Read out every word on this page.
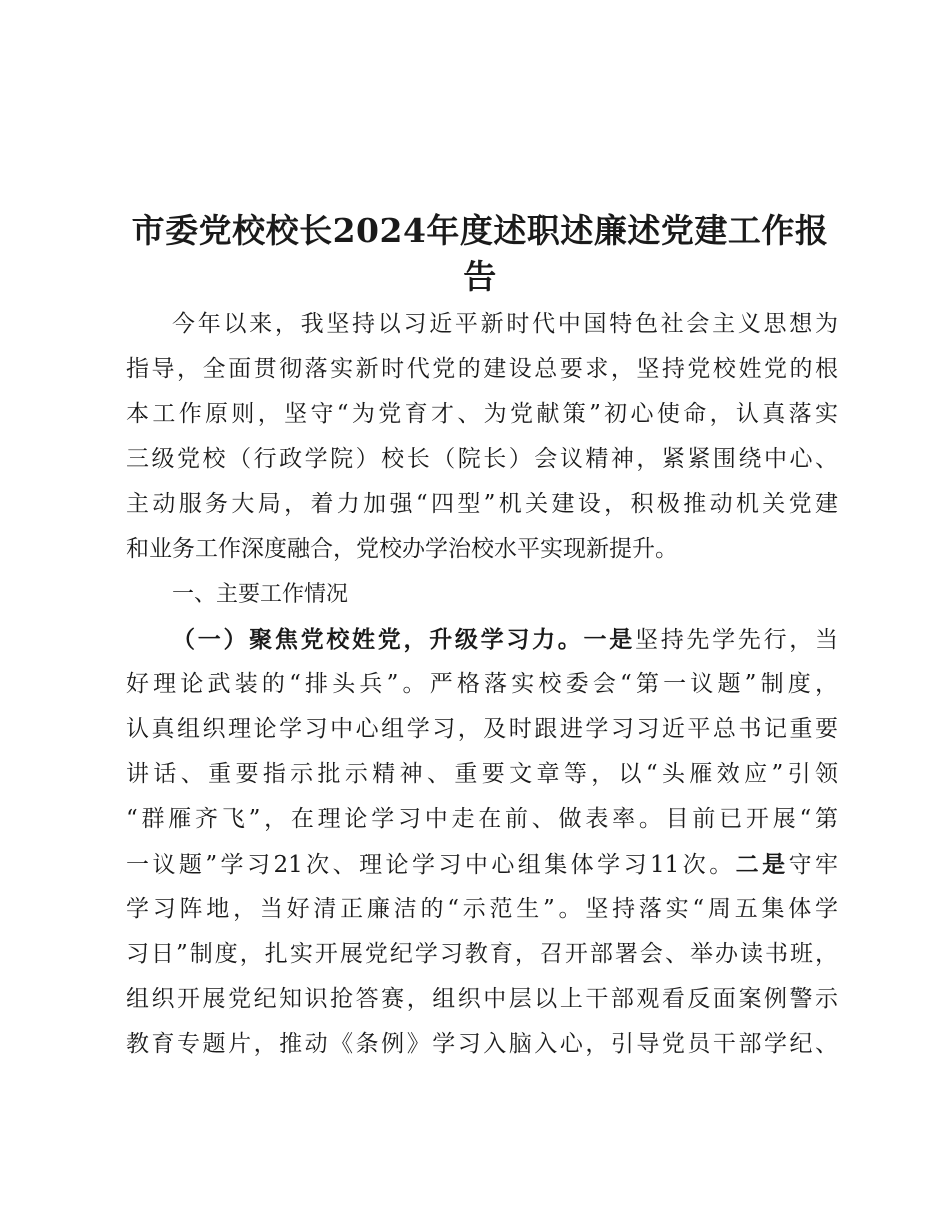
市委党校校长2024年度述职述廉述党建工作报
告
今年以来，我坚持以习近平新时代中国特色社会主义思想为
指导，全面贯彻落实新时代党的建设总要求，坚持党校姓党的根
本工作原则，坚守“为党育才、为党献策”初心使命，认真落实
三级党校（行政学院）校长（院长）会议精神，紧紧围绕中心、
主动服务大局，着力加强“四型”机关建设，积极推动机关党建
和业务工作深度融合，党校办学治校水平实现新提升。
一、主要工作情况
（一）聚焦党校姓党，升级学习力。一是坚持先学先行，当
好理论武装的“排头兵”。严格落实校委会“第一议题”制度，
认真组织理论学习中心组学习，及时跟进学习习近平总书记重要
讲话、重要指示批示精神、重要文章等，以“头雁效应”引领
“群雁齐飞”，在理论学习中走在前、做表率。目前已开展“第
一议题”学习21次、理论学习中心组集体学习11次。二是守牢
学习阵地，当好清正廉洁的“示范生”。坚持落实“周五集体学
习日”制度，扎实开展党纪学习教育，召开部署会、举办读书班，
组织开展党纪知识抢答赛，组织中层以上干部观看反面案例警示
教育专题片，推动《条例》学习入脑入心，引导党员干部学纪、
